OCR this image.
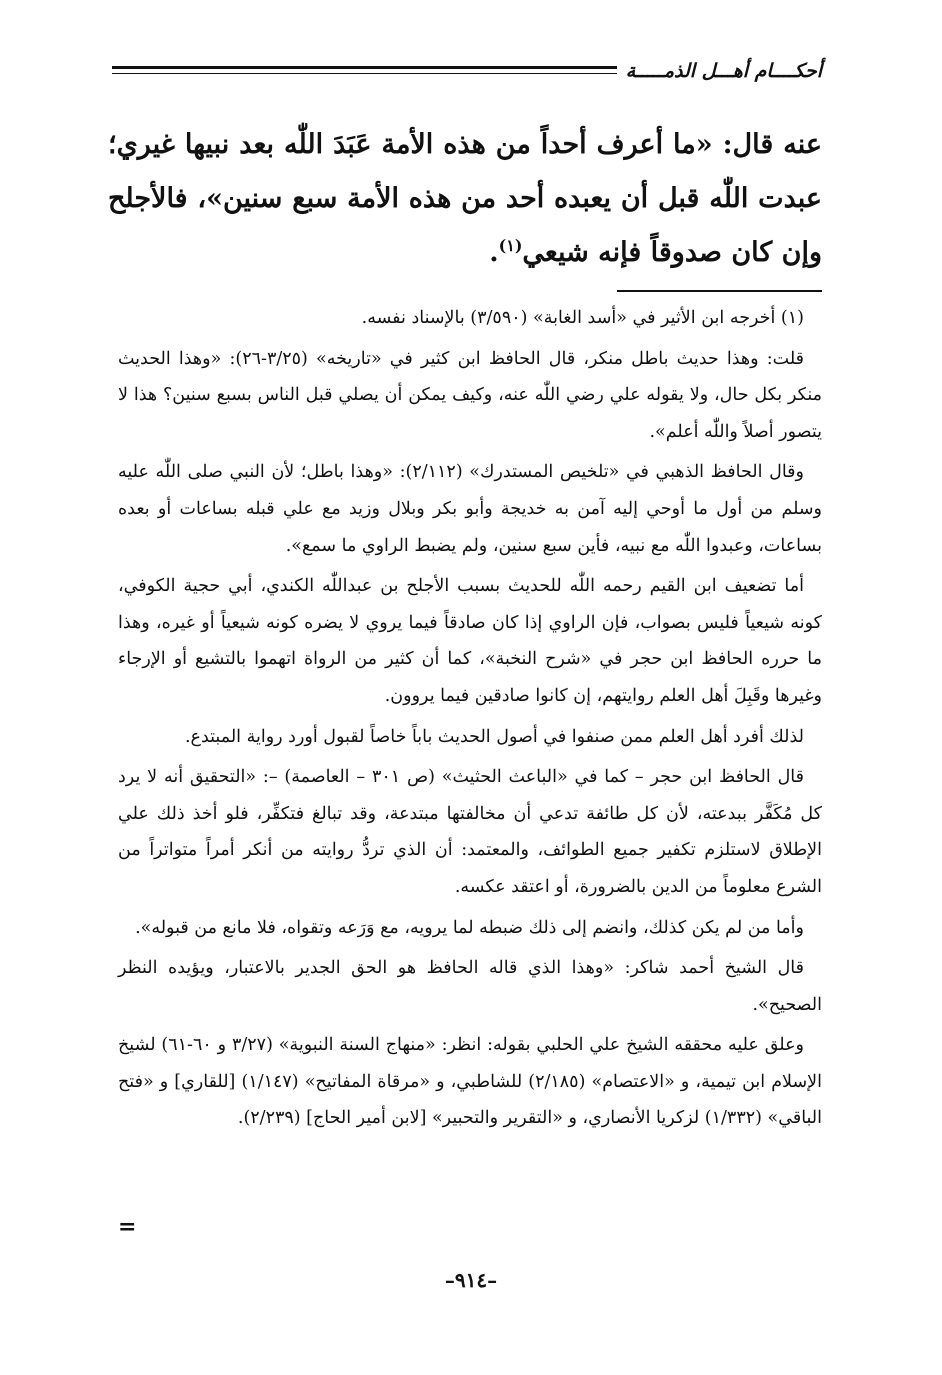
أحكــــام أهـــل الذمـــــة
عنه قال: «ما أعرف أحداً من هذه الأمة عَبَدَ اللّٰه بعد نبيها غيري؛ عبدت اللّٰه قبل أن يعبده أحد من هذه الأمة سبع سنين»، فالأجلح وإن كان صدوقاً فإنه شيعي$^{(١)}$.

(١) أخرجه ابن الأثير في «أسد الغابة» (٣/٥٩٠) بالإسناد نفسه.

قلت: وهذا حديث باطل منكر، قال الحافظ ابن كثير في «تاريخه» (٣/٢٥-٢٦): «وهذا الحديث منكر بكل حال، ولا يقوله علي رضي اللّٰه عنه، وكيف يمكن أن يصلي قبل الناس بسبع سنين؟ هذا لا يتصور أصلاً واللّٰه أعلم».

وقال الحافظ الذهبي في «تلخيص المستدرك» (٢/١١٢): «وهذا باطل؛ لأن النبي صلى اللّٰه عليه وسلم من أول ما أوحي إليه آمن به خديجة وأبو بكر وبلال وزيد مع علي قبله بساعات أو بعده بساعات، وعبدوا اللّٰه مع نبيه، فأين سبع سنين، ولم يضبط الراوي ما سمع».

أما تضعيف ابن القيم رحمه اللّٰه للحديث بسبب الأجلح بن عبداللّٰه الكندي، أبي حجية الكوفي، كونه شيعياً فليس بصواب، فإن الراوي إذا كان صادقاً فيما يروي لا يضره كونه شيعياً أو غيره، وهذا ما حرره الحافظ ابن حجر في «شرح النخبة»، كما أن كثير من الرواة اتهموا بالتشيع أو الإرجاء وغيرها وقَبِلَ أهل العلم روايتهم، إن كانوا صادقين فيما يروون.

لذلك أفرد أهل العلم ممن صنفوا في أصول الحديث باباً خاصاً لقبول أورد رواية المبتدع.

قال الحافظ ابن حجر – كما في «الباعث الحثيث» (ص ٣٠١ – العاصمة) –: «التحقيق أنه لا يرد كل مُكَفَّر ببدعته، لأن كل طائفة تدعي أن مخالفتها مبتدعة، وقد تبالغ فتكفِّر، فلو أخذ ذلك علي الإطلاق لاستلزم تكفير جميع الطوائف، والمعتمد: أن الذي تردُّ روايته من أنكر أمراً متواتراً من الشرع معلوماً من الدين بالضرورة، أو اعتقد عكسه.

وأما من لم يكن كذلك، وانضم إلى ذلك ضبطه لما يرويه، مع وَرَعه وتقواه، فلا مانع من قبوله».

قال الشيخ أحمد شاكر: «وهذا الذي قاله الحافظ هو الحق الجدير بالاعتبار، ويؤيده النظر الصحيح».

وعلق عليه محققه الشيخ علي الحلبي بقوله: انظر: «منهاج السنة النبوية» (٣/٢٧ و ٦٠-٦١) لشيخ الإسلام ابن تيمية، و «الاعتصام» (٢/١٨٥) للشاطبي، و «مرقاة المفاتيح» (١/١٤٧) [للقاري] و «فتح الباقي» (١/٣٣٢) لزكريا الأنصاري، و «التقرير والتحبير» [لابن أمير الحاج] (٢/٢٣٩).

=
–٩١٤–
